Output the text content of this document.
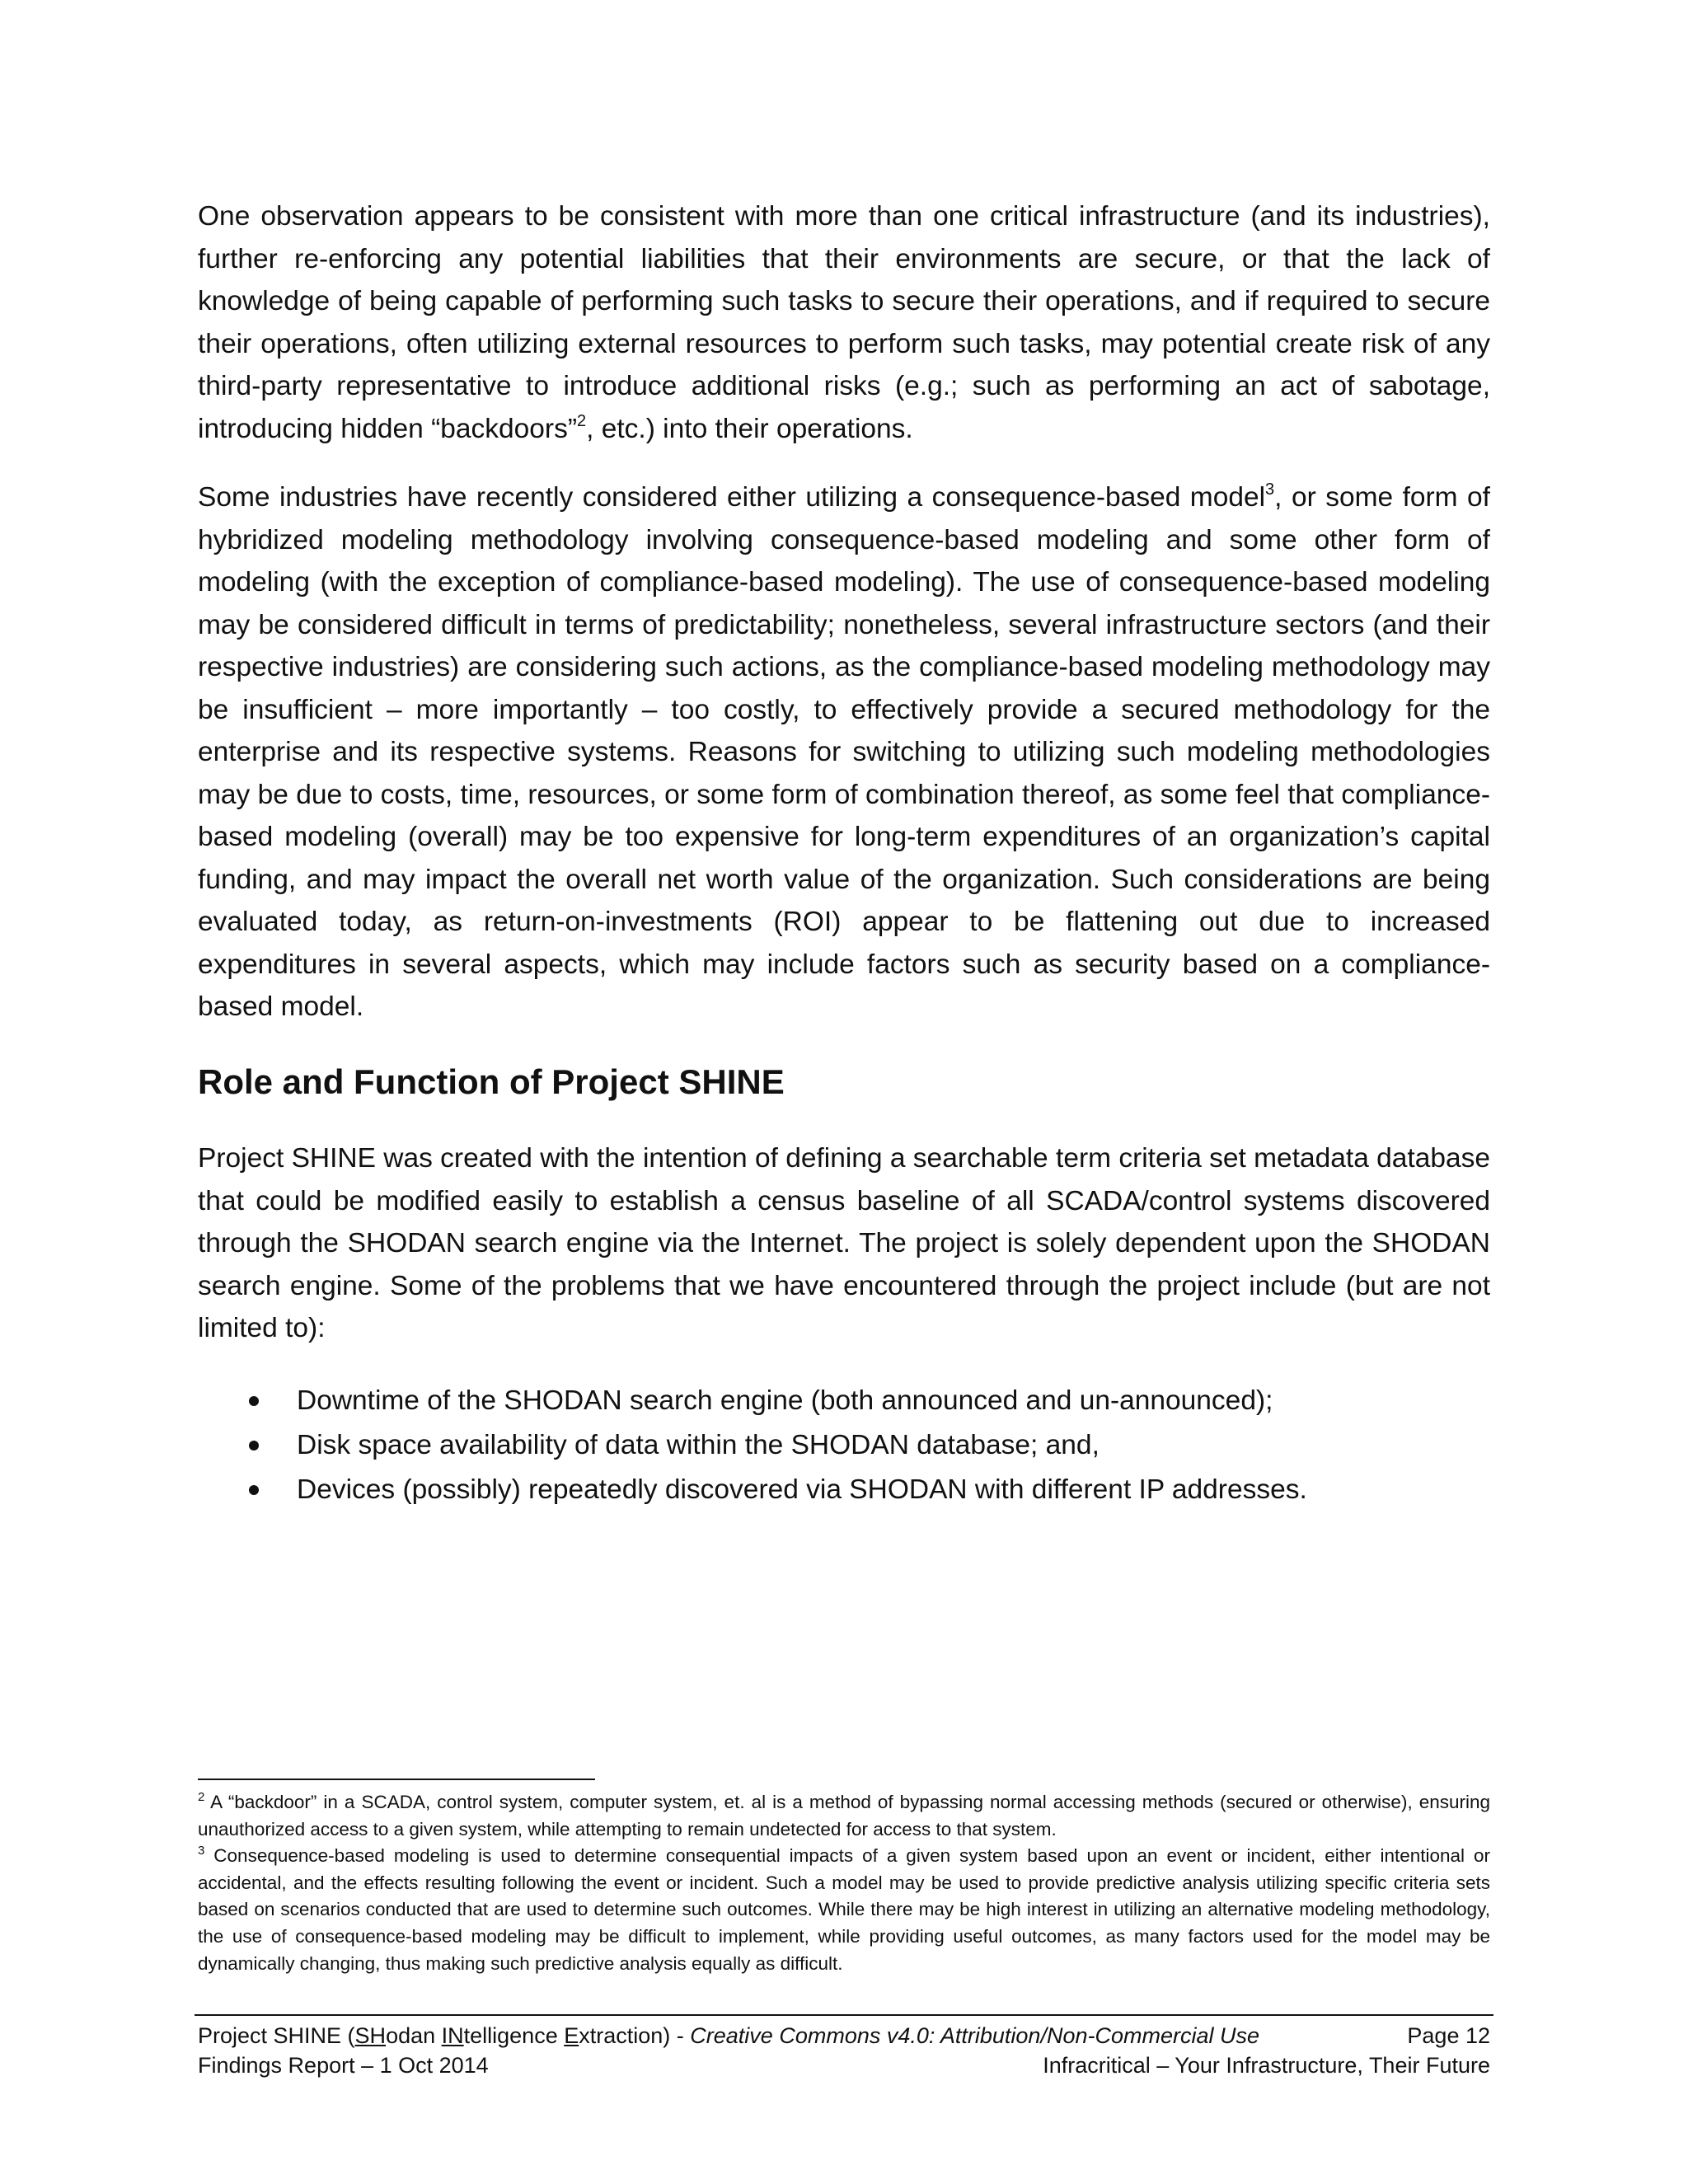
One observation appears to be consistent with more than one critical infrastructure (and its industries), further re-enforcing any potential liabilities that their environments are secure, or that the lack of knowledge of being capable of performing such tasks to secure their operations, and if required to secure their operations, often utilizing external resources to perform such tasks, may potential create risk of any third-party representative to introduce additional risks (e.g.; such as performing an act of sabotage, introducing hidden “backdoors”$^2$, etc.) into their operations.

Some industries have recently considered either utilizing a consequence-based model$^3$, or some form of hybridized modeling methodology involving consequence-based modeling and some other form of modeling (with the exception of compliance-based modeling). The use of consequence-based modeling may be considered difficult in terms of predictability; nonetheless, several infrastructure sectors (and their respective industries) are considering such actions, as the compliance-based modeling methodology may be insufficient – more importantly – too costly, to effectively provide a secured methodology for the enterprise and its respective systems. Reasons for switching to utilizing such modeling methodologies may be due to costs, time, resources, or some form of combination thereof, as some feel that compliance-based modeling (overall) may be too expensive for long-term expenditures of an organization’s capital funding, and may impact the overall net worth value of the organization. Such considerations are being evaluated today, as return-on-investments (ROI) appear to be flattening out due to increased expenditures in several aspects, which may include factors such as security based on a compliance-based model.

Role and Function of Project SHINE

Project SHINE was created with the intention of defining a searchable term criteria set metadata database that could be modified easily to establish a census baseline of all SCADA/control systems discovered through the SHODAN search engine via the Internet. The project is solely dependent upon the SHODAN search engine. Some of the problems that we have encountered through the project include (but are not limited to):

Downtime of the SHODAN search engine (both announced and un-announced);
Disk space availability of data within the SHODAN database; and,
Devices (possibly) repeatedly discovered via SHODAN with different IP addresses.

$^2$ A “backdoor” in a SCADA, control system, computer system, et. al is a method of bypassing normal accessing methods (secured or otherwise), ensuring unauthorized access to a given system, while attempting to remain undetected for access to that system.

$^3$ Consequence-based modeling is used to determine consequential impacts of a given system based upon an event or incident, either intentional or accidental, and the effects resulting following the event or incident. Such a model may be used to provide predictive analysis utilizing specific criteria sets based on scenarios conducted that are used to determine such outcomes. While there may be high interest in utilizing an alternative modeling methodology, the use of consequence-based modeling may be difficult to implement, while providing useful outcomes, as many factors used for the model may be dynamically changing, thus making such predictive analysis equally as difficult.

Project SHINE (SHodan INtelligence Extraction) - Creative Commons v4.0: Attribution/Non-Commercial Use	Page 12
Findings Report – 1 Oct 2014	Infracritical – Your Infrastructure, Their Future
